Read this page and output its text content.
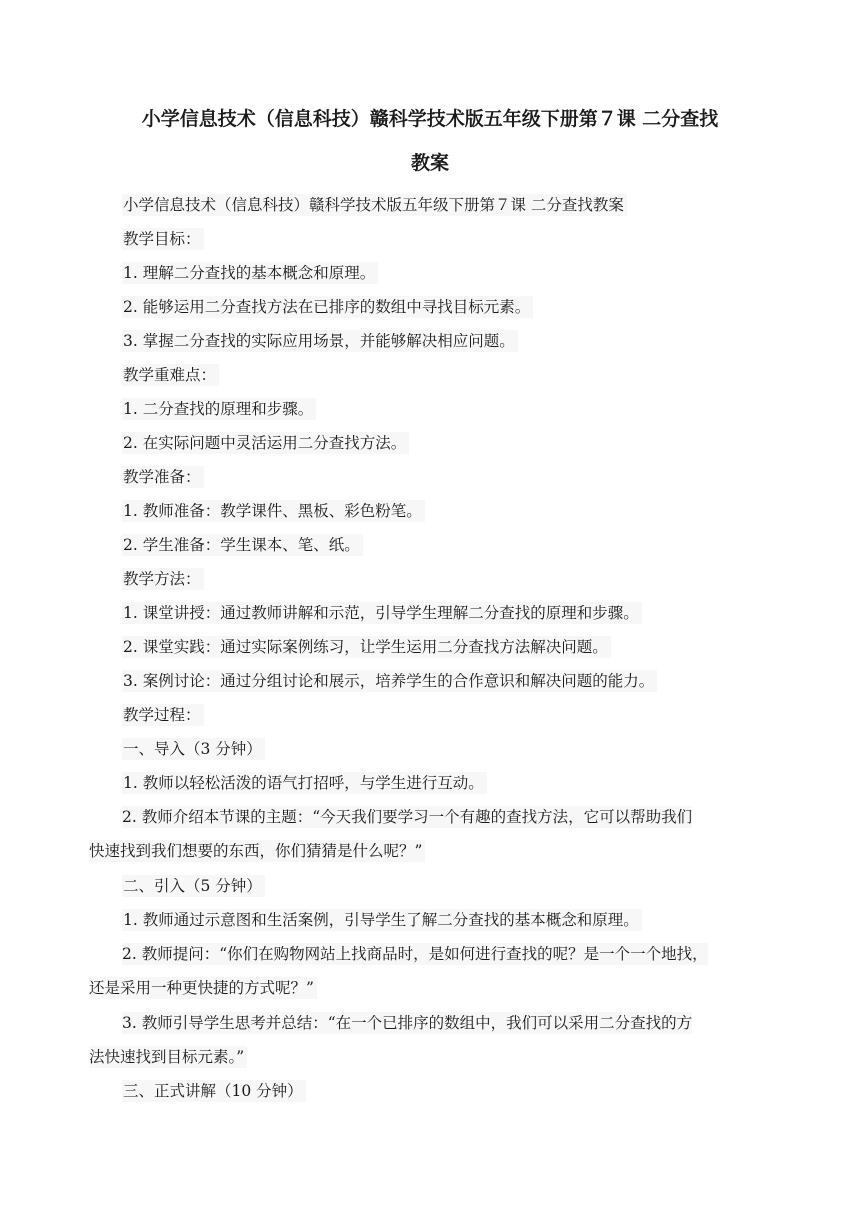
小学信息技术（信息科技）赣科学技术版五年级下册第７课 二分查找
教案
小学信息技术（信息科技）赣科学技术版五年级下册第７课 二分查找教案
教学目标：
1. 理解二分查找的基本概念和原理。
2. 能够运用二分查找方法在已排序的数组中寻找目标元素。
3. 掌握二分查找的实际应用场景，并能够解决相应问题。
教学重难点：
1. 二分查找的原理和步骤。
2. 在实际问题中灵活运用二分查找方法。
教学准备：
1. 教师准备：教学课件、黑板、彩色粉笔。
2. 学生准备：学生课本、笔、纸。
教学方法：
1. 课堂讲授：通过教师讲解和示范，引导学生理解二分查找的原理和步骤。
2. 课堂实践：通过实际案例练习，让学生运用二分查找方法解决问题。
3. 案例讨论：通过分组讨论和展示，培养学生的合作意识和解决问题的能力。
教学过程：
一、导入（3 分钟）
1. 教师以轻松活泼的语气打招呼，与学生进行互动。
2. 教师介绍本节课的主题：“今天我们要学习一个有趣的查找方法，它可以帮助我们
快速找到我们想要的东西，你们猜猜是什么呢？”
二、引入（5 分钟）
1. 教师通过示意图和生活案例，引导学生了解二分查找的基本概念和原理。
2. 教师提问：“你们在购物网站上找商品时，是如何进行查找的呢？是一个一个地找，
还是采用一种更快捷的方式呢？”
3. 教师引导学生思考并总结：“在一个已排序的数组中，我们可以采用二分查找的方
法快速找到目标元素。”
三、正式讲解（10 分钟）
